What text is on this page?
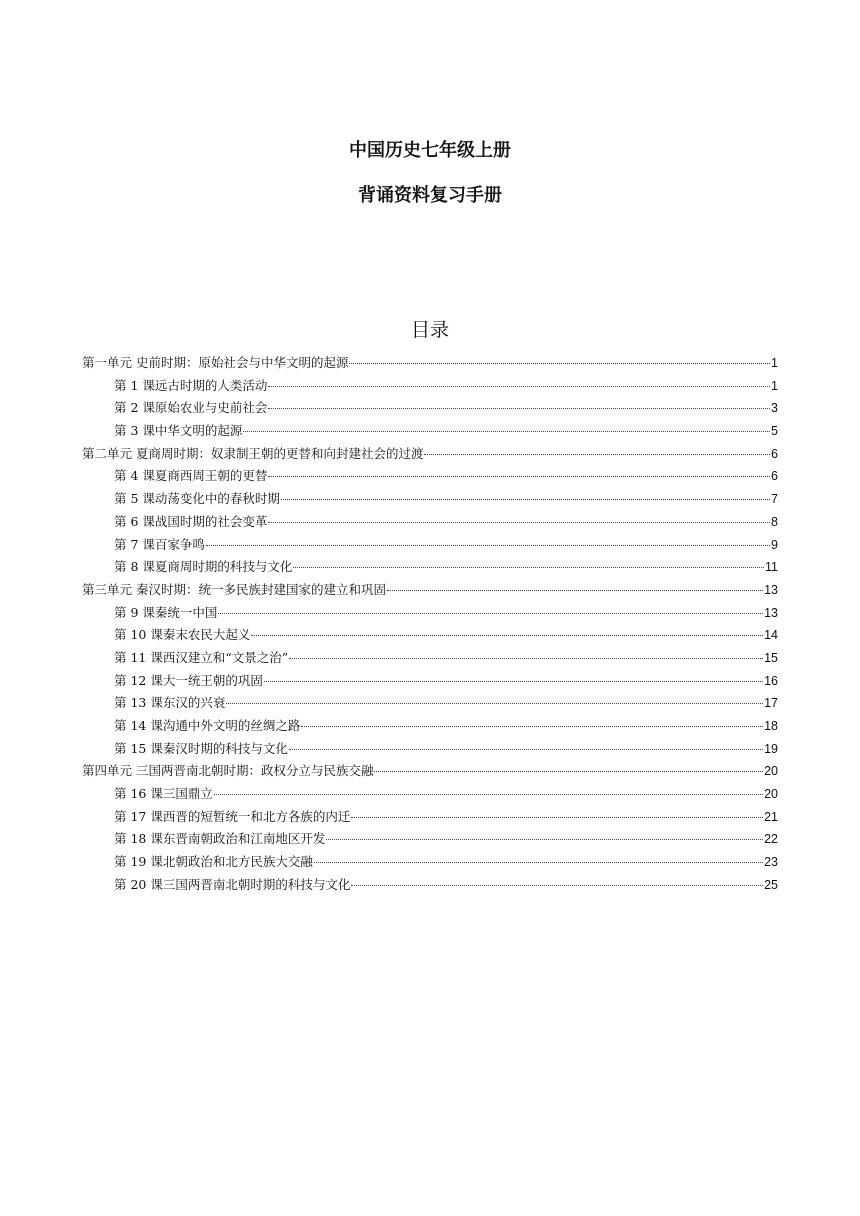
中国历史七年级上册
背诵资料复习手册
目录
第一单元 史前时期：原始社会与中华文明的起源	1
第 1 课远古时期的人类活动	1
第 2 课原始农业与史前社会	3
第 3 课中华文明的起源	5
第二单元 夏商周时期：奴隶制王朝的更替和向封建社会的过渡	6
第 4 课夏商西周王朝的更替	6
第 5 课动荡变化中的春秋时期	7
第 6 课战国时期的社会变革	8
第 7 课百家争鸣	9
第 8 课夏商周时期的科技与文化	11
第三单元 秦汉时期：统一多民族封建国家的建立和巩固	13
第 9 课秦统一中国	13
第 10 课秦末农民大起义	14
第 11 课西汉建立和“文景之治”	15
第 12 课大一统王朝的巩固	16
第 13 课东汉的兴衰	17
第 14 课沟通中外文明的丝绸之路	18
第 15 课秦汉时期的科技与文化	19
第四单元 三国两晋南北朝时期：政权分立与民族交融	20
第 16 课三国鼎立	20
第 17 课西晋的短暂统一和北方各族的内迁	21
第 18 课东晋南朝政治和江南地区开发	22
第 19 课北朝政治和北方民族大交融	23
第 20 课三国两晋南北朝时期的科技与文化	25
